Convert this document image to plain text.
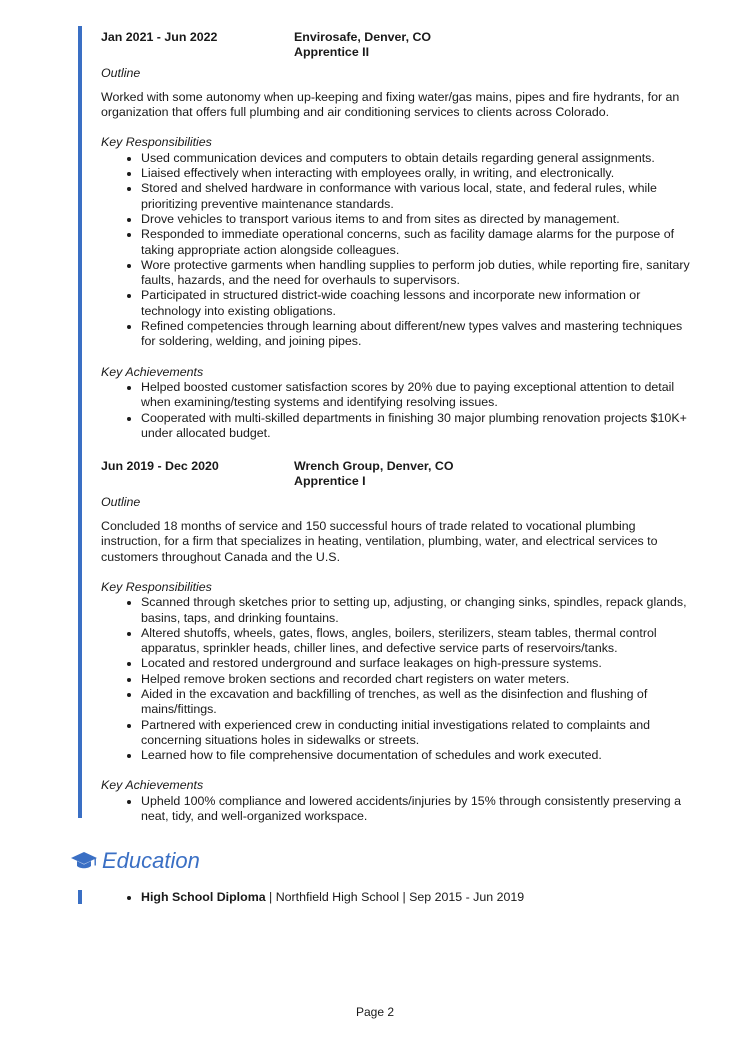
Jan 2021 - Jun 2022	Envirosafe, Denver, CO
Apprentice II
Outline
Worked with some autonomy when up-keeping and fixing water/gas mains, pipes and fire hydrants, for an organization that offers full plumbing and air conditioning services to clients across Colorado.
Key Responsibilities
• Used communication devices and computers to obtain details regarding general assignments.
• Liaised effectively when interacting with employees orally, in writing, and electronically.
• Stored and shelved hardware in conformance with various local, state, and federal rules, while prioritizing preventive maintenance standards.
• Drove vehicles to transport various items to and from sites as directed by management.
• Responded to immediate operational concerns, such as facility damage alarms for the purpose of taking appropriate action alongside colleagues.
• Wore protective garments when handling supplies to perform job duties, while reporting fire, sanitary faults, hazards, and the need for overhauls to supervisors.
• Participated in structured district-wide coaching lessons and incorporate new information or technology into existing obligations.
• Refined competencies through learning about different/new types valves and mastering techniques for soldering, welding, and joining pipes.
Key Achievements
• Helped boosted customer satisfaction scores by 20% due to paying exceptional attention to detail when examining/testing systems and identifying resolving issues.
• Cooperated with multi-skilled departments in finishing 30 major plumbing renovation projects $10K+ under allocated budget.
Jun 2019 - Dec 2020	Wrench Group, Denver, CO
Apprentice I
Outline
Concluded 18 months of service and 150 successful hours of trade related to vocational plumbing instruction, for a firm that specializes in heating, ventilation, plumbing, water, and electrical services to customers throughout Canada and the U.S.
Key Responsibilities
• Scanned through sketches prior to setting up, adjusting, or changing sinks, spindles, repack glands, basins, taps, and drinking fountains.
• Altered shutoffs, wheels, gates, flows, angles, boilers, sterilizers, steam tables, thermal control apparatus, sprinkler heads, chiller lines, and defective service parts of reservoirs/tanks.
• Located and restored underground and surface leakages on high-pressure systems.
• Helped remove broken sections and recorded chart registers on water meters.
• Aided in the excavation and backfilling of trenches, as well as the disinfection and flushing of mains/fittings.
• Partnered with experienced crew in conducting initial investigations related to complaints and concerning situations holes in sidewalks or streets.
• Learned how to file comprehensive documentation of schedules and work executed.
Key Achievements
• Upheld 100% compliance and lowered accidents/injuries by 15% through consistently preserving a neat, tidy, and well-organized workspace.
Education
• High School Diploma | Northfield High School | Sep 2015 - Jun 2019
Page 2
